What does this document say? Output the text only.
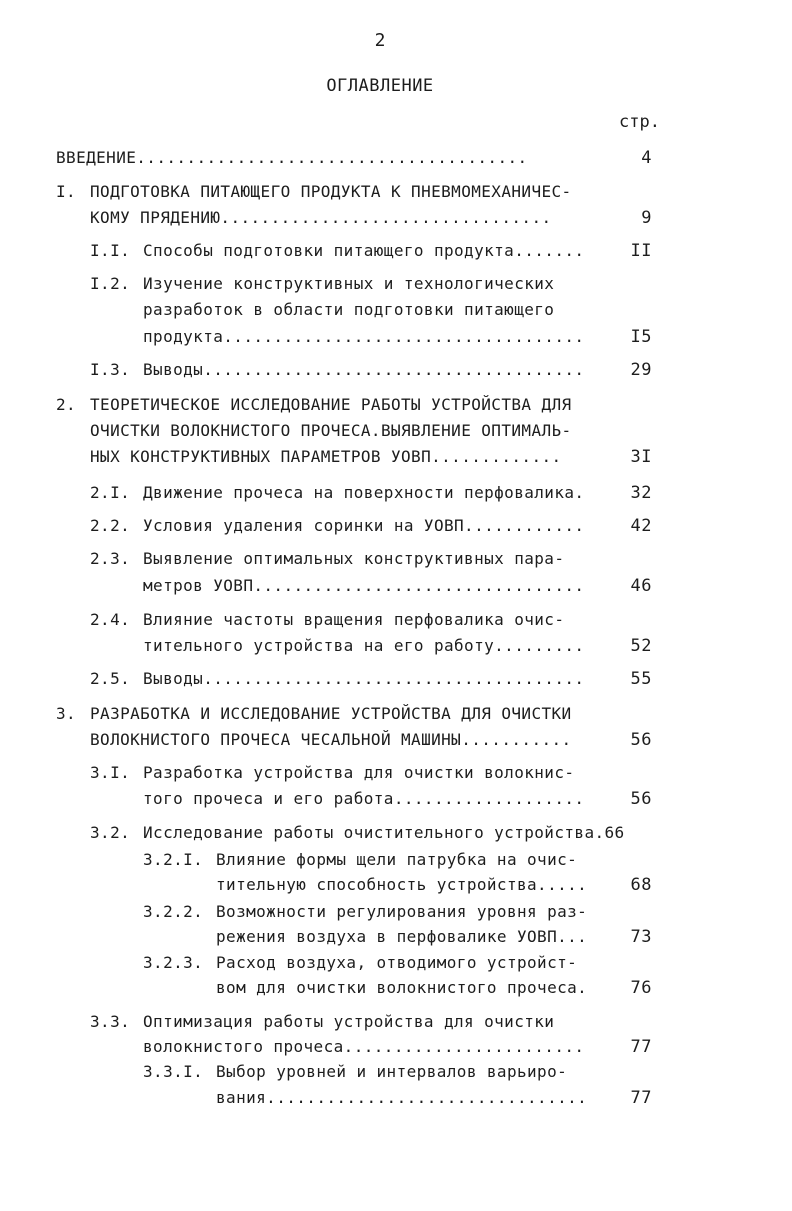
2
ОГЛАВЛЕНИЕ
стр.
ВВЕДЕНИЕ.......................................	4
I. ПОДГОТОВКА ПИТАЮЩЕГО ПРОДУКТА К ПНЕВМОМЕХАНИЧЕС-
КОМУ ПРЯДЕНИЮ.................................	9
I.I. Способы подготовки питающего продукта.......	II
I.2. Изучение конструктивных и технологических
разработок в области подготовки питающего
продукта....................................	I5
I.3. Выводы......................................	29
2. ТЕОРЕТИЧЕСКОЕ ИССЛЕДОВАНИЕ РАБОТЫ УСТРОЙСТВА ДЛЯ
ОЧИСТКИ ВОЛОКНИСТОГО ПРОЧЕСА.ВЫЯВЛЕНИЕ ОПТИМАЛЬ-
НЫХ КОНСТРУКТИВНЫХ ПАРАМЕТРОВ УОВП.............	3I
2.I. Движение прочеса на поверхности перфовалика.	32
2.2. Условия удаления соринки на УОВП............	42
2.3. Выявление оптимальных конструктивных пара-
метров УОВП.................................	46
2.4. Влияние частоты вращения перфовалика очис-
тительного устройства на его работу.........	52
2.5. Выводы......................................	55
3. РАЗРАБОТКА И ИССЛЕДОВАНИЕ УСТРОЙСТВА ДЛЯ ОЧИСТКИ
ВОЛОКНИСТОГО ПРОЧЕСА ЧЕСАЛЬНОЙ МАШИНЫ...........	56
3.I. Разработка устройства для очистки волокнис-
того прочеса и его работа...................	56
3.2. Исследование работы очистительного устройства.66
3.2.I. Влияние формы щели патрубка на очис-
тительную способность устройства.....	68
3.2.2. Возможности регулирования уровня раз-
режения воздуха в перфовалике УОВП...	73
3.2.3. Расход воздуха, отводимого устройст-
вом для очистки волокнистого прочеса.	76
3.3. Оптимизация работы устройства для очистки
волокнистого прочеса........................	77
3.3.I. Выбор уровней и интервалов варьиро-
вания................................	77
